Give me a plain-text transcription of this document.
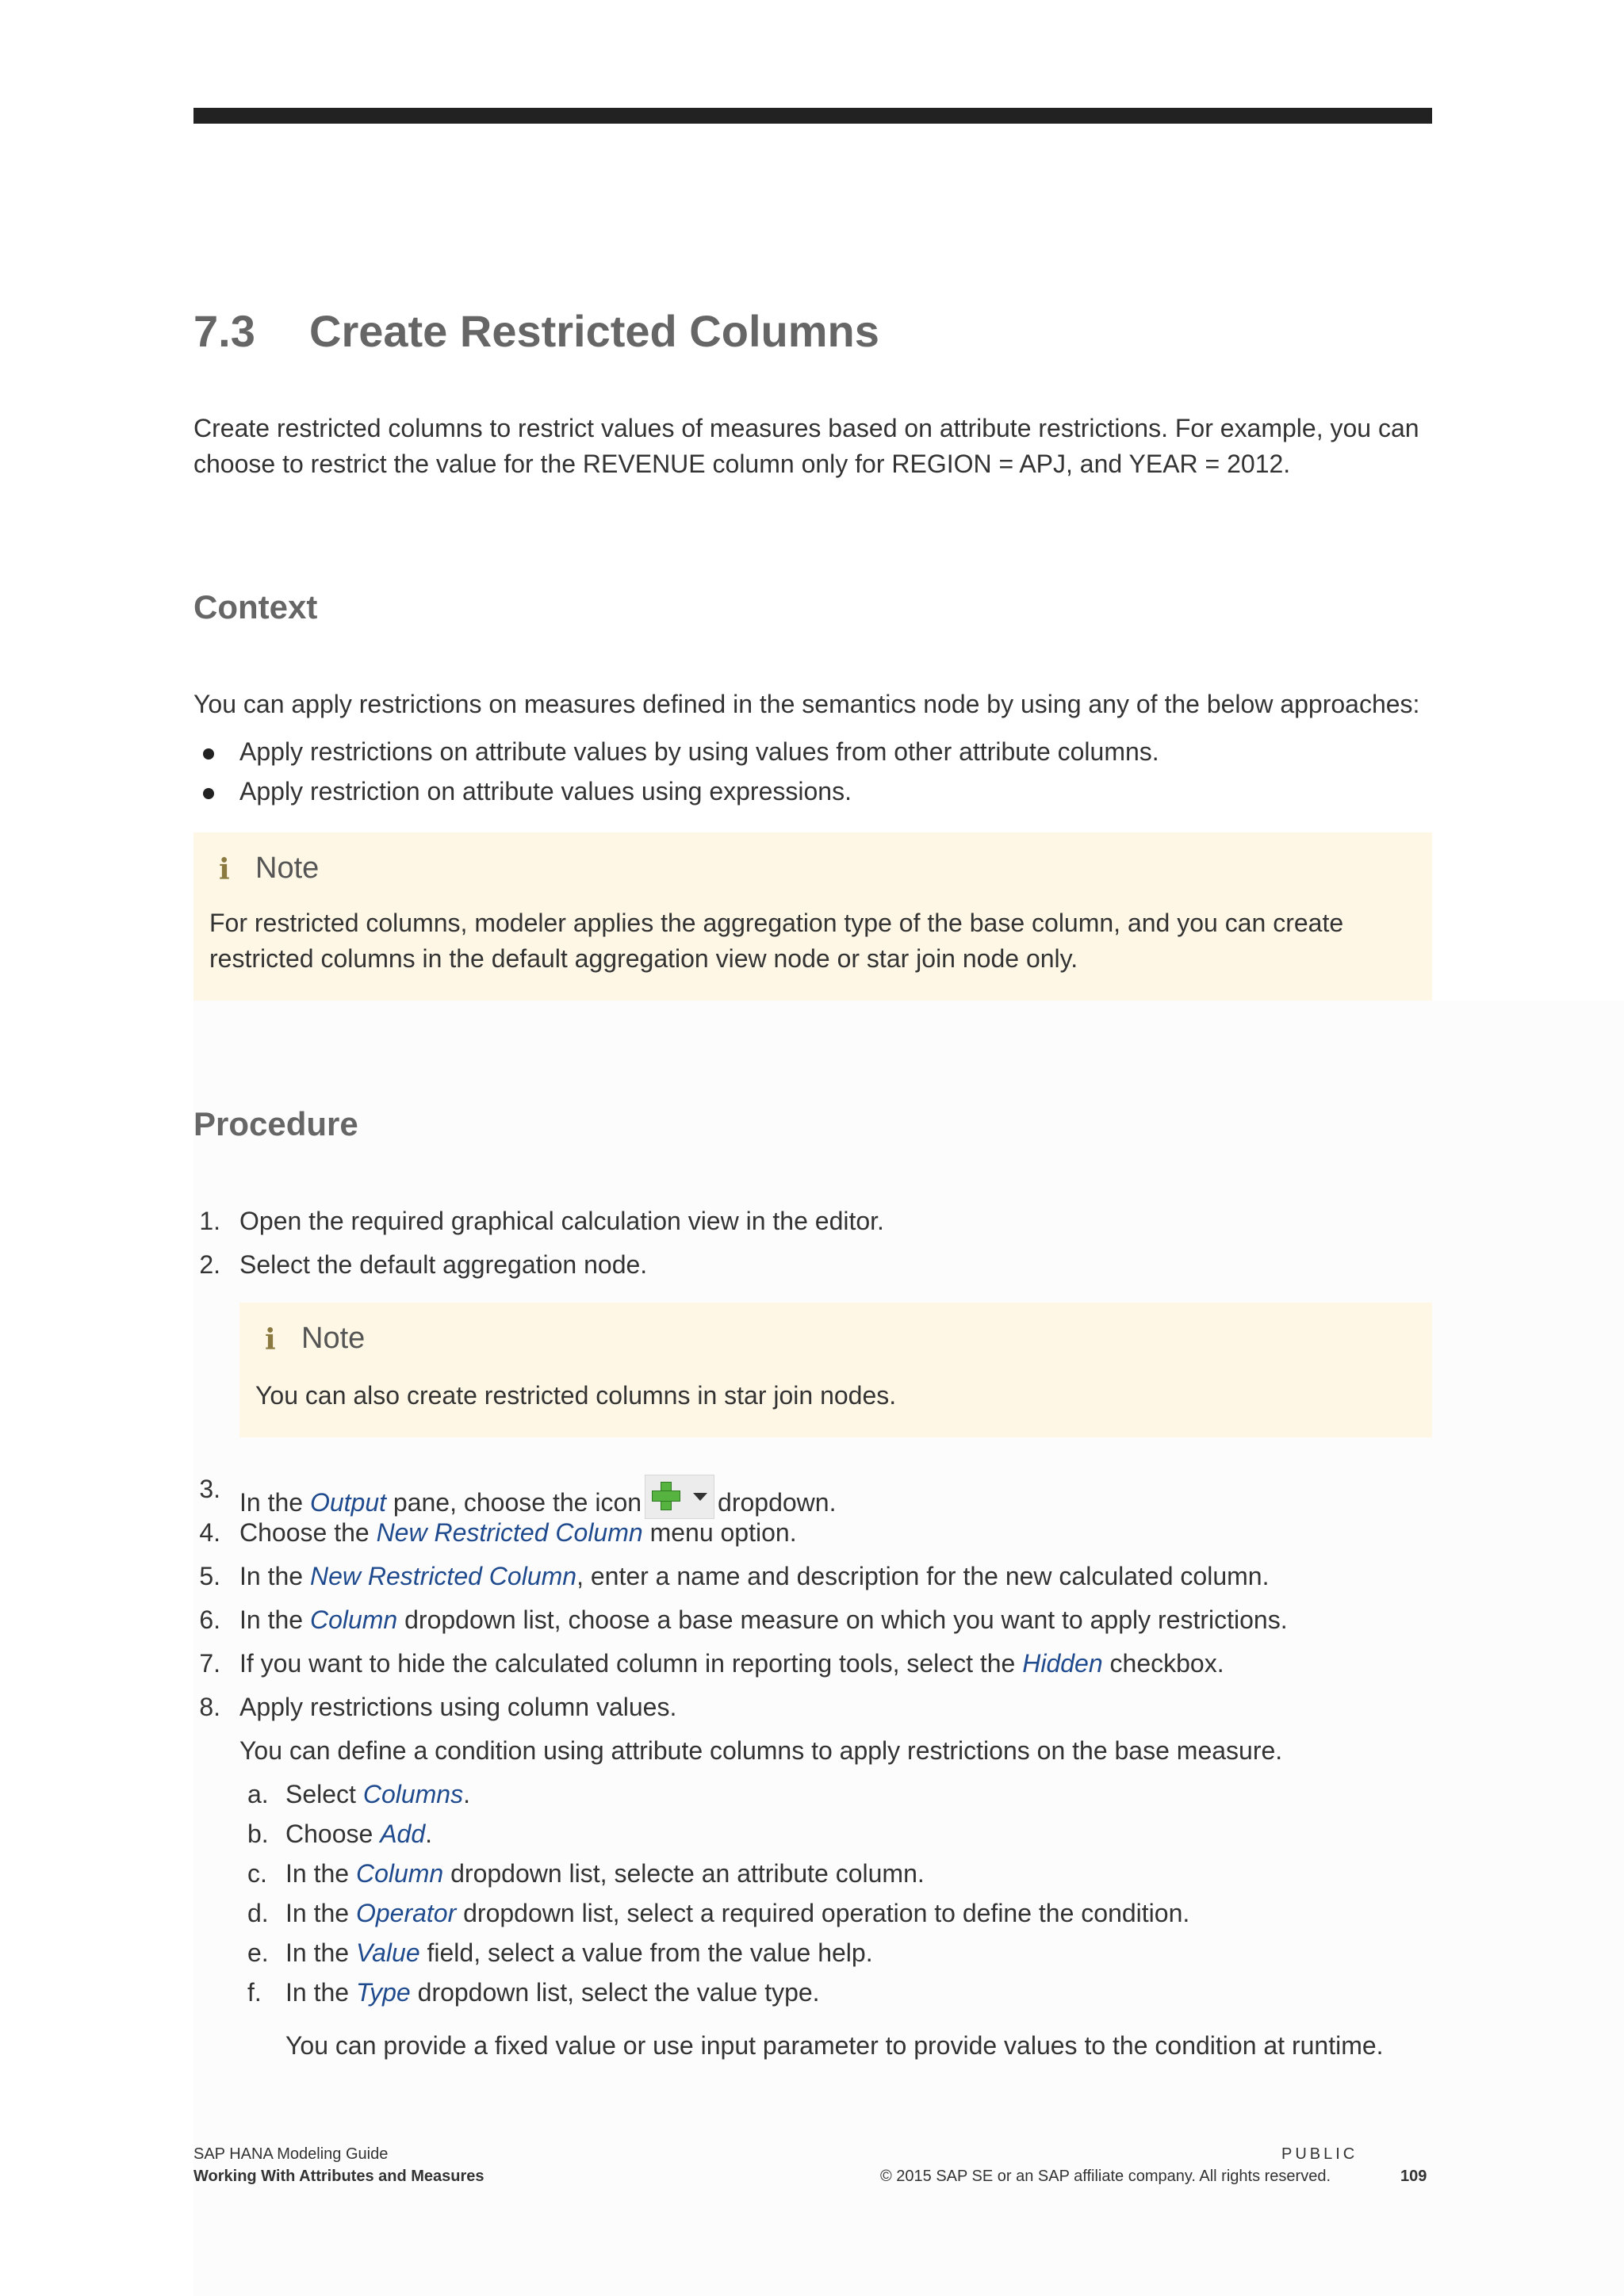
7.3 Create Restricted Columns
Create restricted columns to restrict values of measures based on attribute restrictions. For example, you can choose to restrict the value for the REVENUE column only for REGION = APJ, and YEAR = 2012.
Context
You can apply restrictions on measures defined in the semantics node by using any of the below approaches:
Apply restrictions on attribute values by using values from other attribute columns.
Apply restriction on attribute values using expressions.
i Note
For restricted columns, modeler applies the aggregation type of the base column, and you can create restricted columns in the default aggregation view node or star join node only.
Procedure
1. Open the required graphical calculation view in the editor.
2. Select the default aggregation node.
i Note
You can also create restricted columns in star join nodes.
3. In the Output pane, choose the icon	dropdown.
4. Choose the New Restricted Column menu option.
5. In the New Restricted Column, enter a name and description for the new calculated column.
6. In the Column dropdown list, choose a base measure on which you want to apply restrictions.
7. If you want to hide the calculated column in reporting tools, select the Hidden checkbox.
8. Apply restrictions using column values.
You can define a condition using attribute columns to apply restrictions on the base measure.
a. Select Columns.
b. Choose Add.
c. In the Column dropdown list, selecte an attribute column.
d. In the Operator dropdown list, select a required operation to define the condition.
e. In the Value field, select a value from the value help.
f. In the Type dropdown list, select the value type.
You can provide a fixed value or use input parameter to provide values to the condition at runtime.
SAP HANA Modeling Guide
Working With Attributes and Measures
PUBLIC
© 2015 SAP SE or an SAP affiliate company. All rights reserved.	109
